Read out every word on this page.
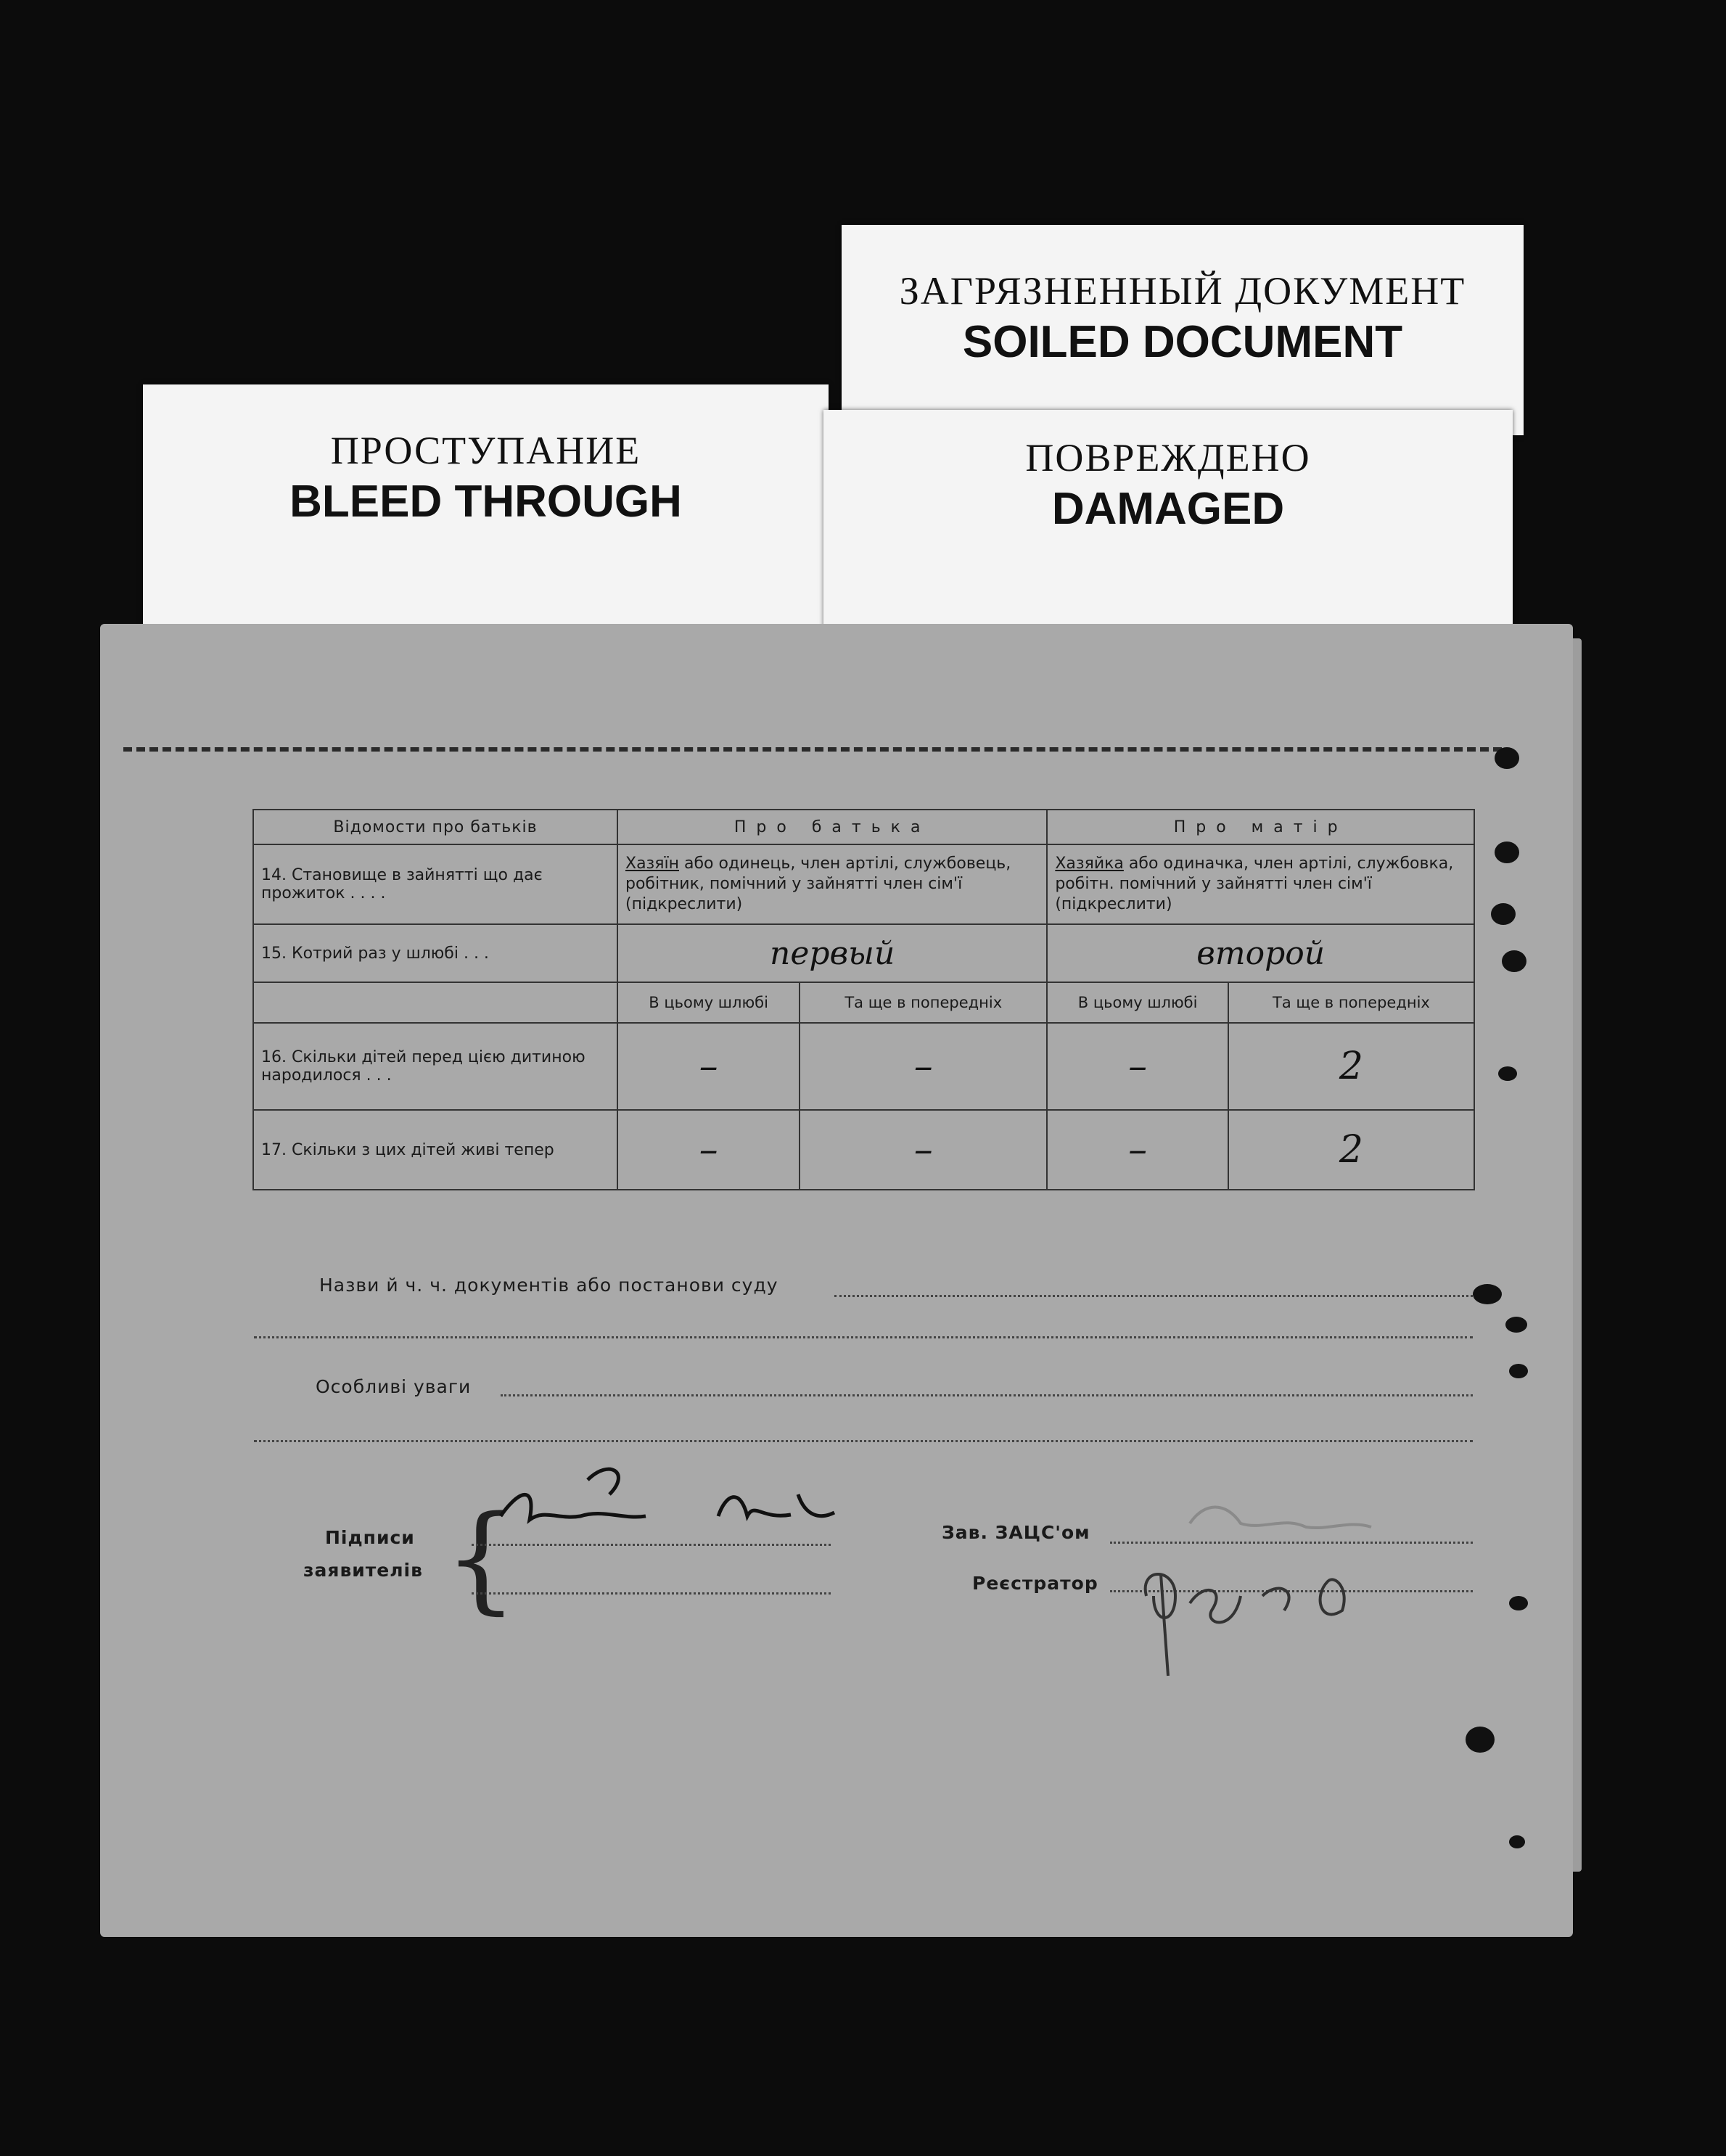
ЗАГРЯЗНЕННЫЙ ДОКУМЕНТ
SOILED DOCUMENT
ПРОСТУПАНИЕ
BLEED THROUGH
ПОВРЕЖДЕНО
DAMAGED
Відомости про батьків	Про батька		Про матір	
14. Становище в зайнятті що дає прожиток . . . .	Хазяїн або одинець, член артілі, службовець, робітник, помічний у зайнятті член сім'ї (підкреслити)		Хазяйка або одиначка, член артілі, службовка, робітн. помічний у зайнятті член сім'ї (підкреслити)	
15. Котрий раз у шлюбі . . .	первый		второй	
	В цьому шлюбі	Та ще в попередніх	В цьому шлюбі	Та ще в попередніх
16. Скільки дітей перед цією дитиною народилося . . .	–	–	–	2
17. Скільки з цих дітей живі тепер	–	–	–	2
Назви й ч. ч. документів або постанови суду
Особливі уваги
Підписи
заявителів {	Зав. ЗАЦС'ом
Реєстратор
